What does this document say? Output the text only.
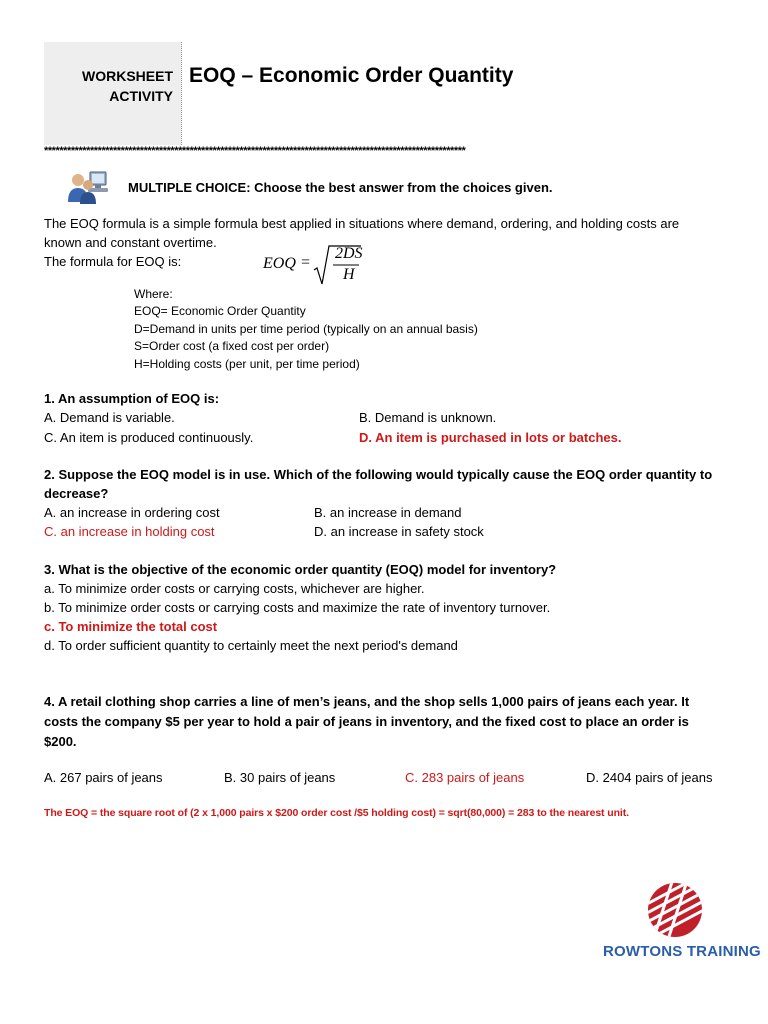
WORKSHEET
ACTIVITY
EOQ – Economic Order Quantity
**************************************************************************************************************
MULTIPLE CHOICE: Choose the best answer from the choices given.
The EOQ formula is a simple formula best applied in situations where demand, ordering, and holding costs are
known and constant overtime.
The formula for EOQ is:	EOQ =
2DS
H
Where:
EOQ= Economic Order Quantity
D=Demand in units per time period (typically on an annual basis)
S=Order cost (a fixed cost per order)
H=Holding costs (per unit, per time period)
1. An assumption of EOQ is:
A. Demand is variable.	B. Demand is unknown.
C. An item is produced continuously.	D. An item is purchased in lots or batches.
2. Suppose the EOQ model is in use. Which of the following would typically cause the EOQ order quantity to
decrease?
A. an increase in ordering cost	B. an increase in demand
C. an increase in holding cost	D. an increase in safety stock
3. What is the objective of the economic order quantity (EOQ) model for inventory?
a. To minimize order costs or carrying costs, whichever are higher.
b. To minimize order costs or carrying costs and maximize the rate of inventory turnover.
c. To minimize the total cost
d. To order sufficient quantity to certainly meet the next period's demand
4. A retail clothing shop carries a line of men’s jeans, and the shop sells 1,000 pairs of jeans each year. It
costs the company $5 per year to hold a pair of jeans in inventory, and the fixed cost to place an order is
$200.
A. 267 pairs of jeans	B. 30 pairs of jeans	C. 283 pairs of jeans	D. 2404 pairs of jeans
The EOQ = the square root of (2 x 1,000 pairs x $200 order cost /$5 holding cost) = sqrt(80,000) = 283 to the nearest unit.
ROWTONS TRAINING
